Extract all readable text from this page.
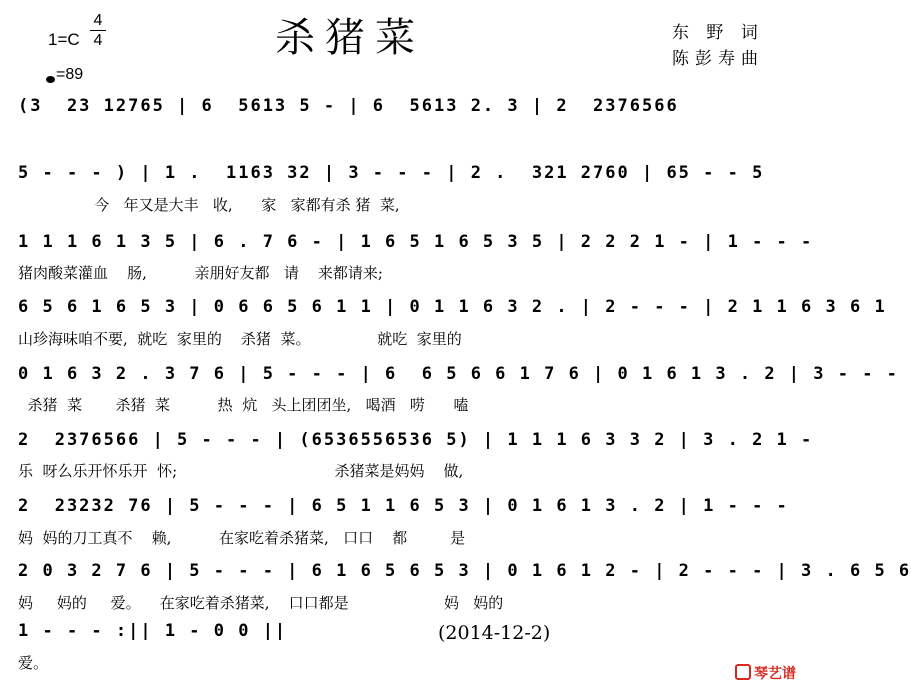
杀猪菜
1=C
4
4
=89
东 野 词
陈彭寿曲
(3  23 12765 | 6  5613 5 - | 6  5613 2. 3 | 2  2376566
5 - - - ) | 1 .  1163 32 | 3 - - - | 2 .  321 2760 | 65 - - 5
今   年又是大丰   收,      家   家都有杀 猪  菜,
1 1 1 6 1 3 5 | 6 . 7 6 - | 1 6 5 1 6 5 3 5 | 2 2 2 1 - | 1 - - -
猪肉酸菜灌血    肠,          亲朋好友都   请    来都请来;
6 5 6 1 6 5 3 | 0 6 6 5 6 1 1 | 0 1 1 6 3 2 . | 2 - - - | 2 1 1 6 3 6 1
山珍海味咱不要,  就吃  家里的    杀猪  菜。              就吃  家里的
0 1 6 3 2 . 3 7 6 | 5 - - - | 6  6 5 6 6 1 7 6 | 0 1 6 1 3 . 2 | 3 - - -
杀猪  菜       杀猪  菜          热  炕   头上团团坐,   喝酒   唠      嗑
2  2376566 | 5 - - - | (6536556536 5) | 1 1 1 6 3 3 2 | 3 . 2 1 -
乐  呀么乐开怀乐开  怀;                                 杀猪菜是妈妈    做,
2  23232 76 | 5 - - - | 6 5 1 1 6 5 3 | 0 1 6 1 3 . 2 | 1 - - -
妈  妈的刀工真不    赖,          在家吃着杀猪菜,   口口    都         是
2 0 3 2 7 6 | 5 - - - | 6 1 6 5 6 5 3 | 0 1 6 1 2 - | 2 - - - | 3 . 6 5 6
妈     妈的     爱。    在家吃着杀猪菜,    口口都是                    妈   妈的
1 - - - :|| 1 - 0 0 ||
爱。
(2014-12-2)
琴艺谱
